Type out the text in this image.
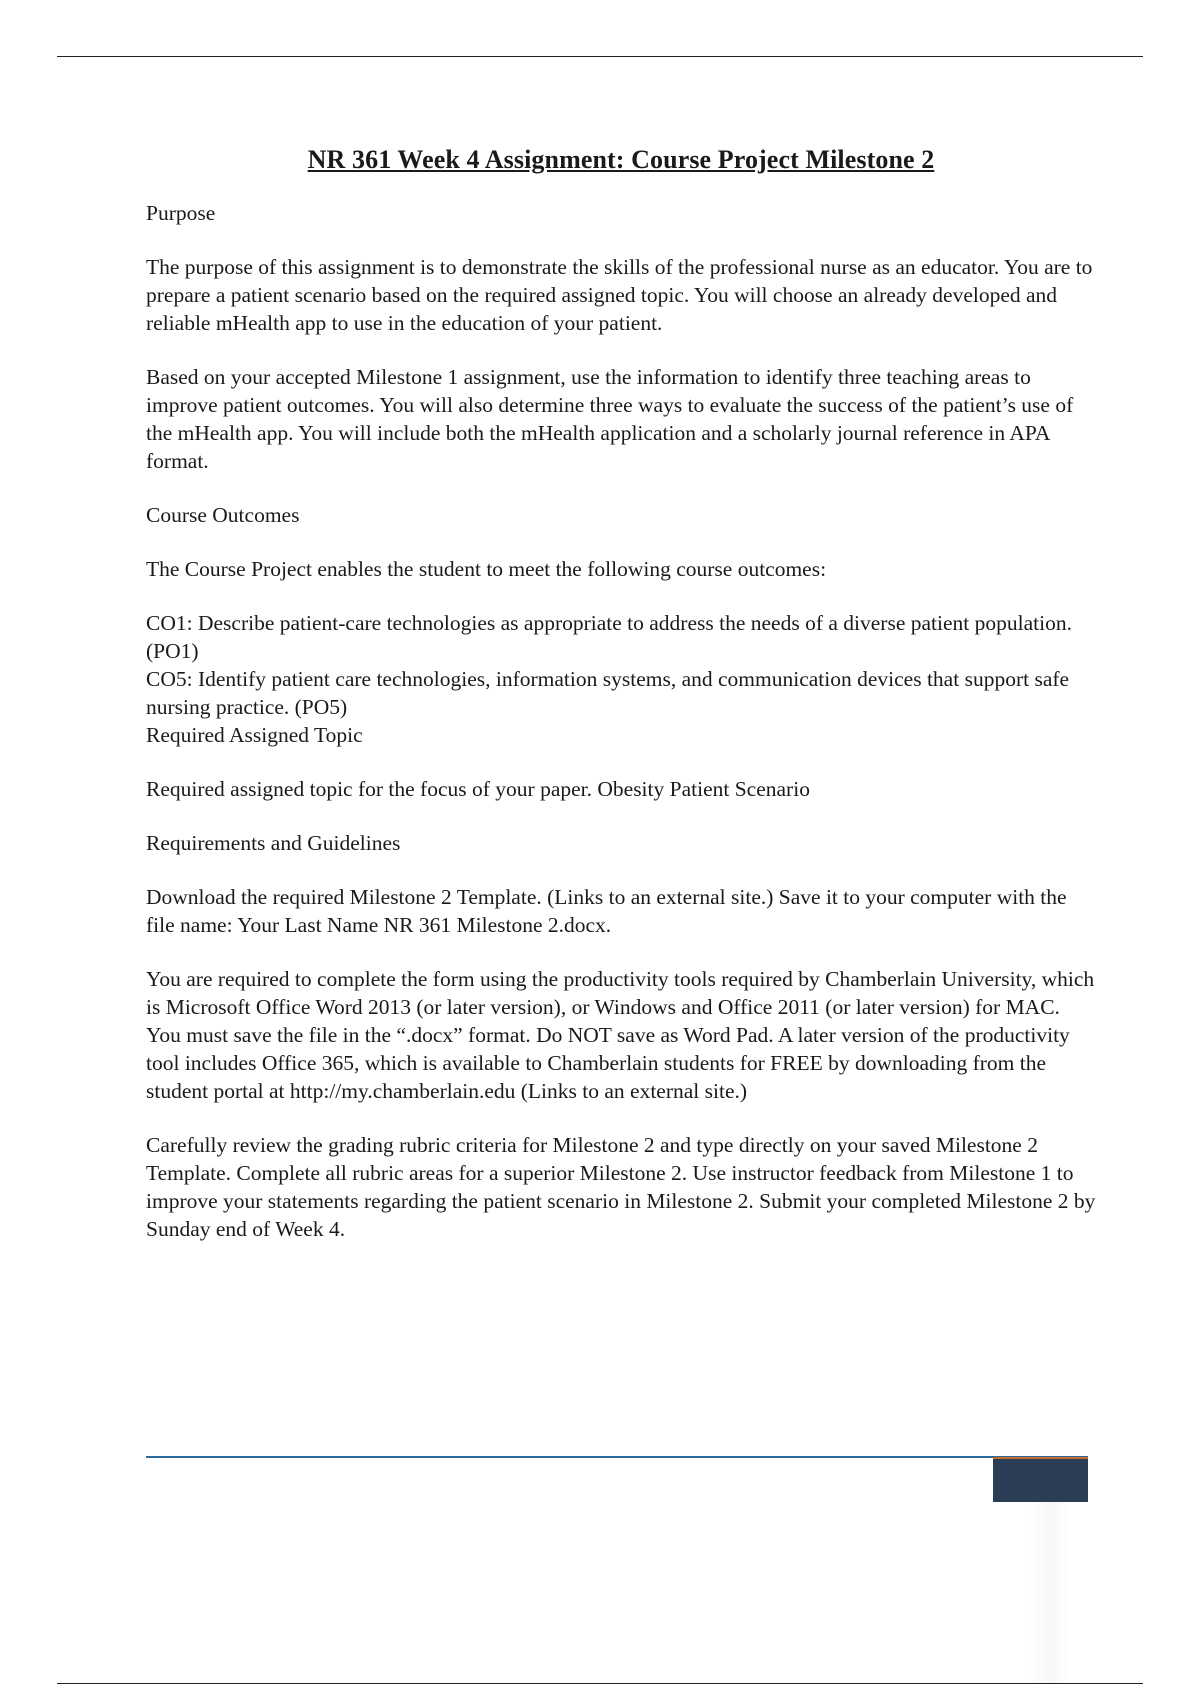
NR 361 Week 4 Assignment: Course Project Milestone 2

Purpose

The purpose of this assignment is to demonstrate the skills of the professional nurse as an educator. You are to prepare a patient scenario based on the required assigned topic. You will choose an already developed and reliable mHealth app to use in the education of your patient.

Based on your accepted Milestone 1 assignment, use the information to identify three teaching areas to improve patient outcomes. You will also determine three ways to evaluate the success of the patient’s use of the mHealth app. You will include both the mHealth application and a scholarly journal reference in APA format.

Course Outcomes

The Course Project enables the student to meet the following course outcomes:

CO1: Describe patient-care technologies as appropriate to address the needs of a diverse patient population. (PO1)
CO5: Identify patient care technologies, information systems, and communication devices that support safe nursing practice. (PO5)
Required Assigned Topic

Required assigned topic for the focus of your paper. Obesity Patient Scenario

Requirements and Guidelines

Download the required Milestone 2 Template. (Links to an external site.) Save it to your computer with the file name: Your Last Name NR 361 Milestone 2.docx.

You are required to complete the form using the productivity tools required by Chamberlain University, which is Microsoft Office Word 2013 (or later version), or Windows and Office 2011 (or later version) for MAC. You must save the file in the “.docx” format. Do NOT save as Word Pad. A later version of the productivity tool includes Office 365, which is available to Chamberlain students for FREE by downloading from the student portal at http://my.chamberlain.edu (Links to an external site.)

Carefully review the grading rubric criteria for Milestone 2 and type directly on your saved Milestone 2 Template. Complete all rubric areas for a superior Milestone 2. Use instructor feedback from Milestone 1 to improve your statements regarding the patient scenario in Milestone 2. Submit your completed Milestone 2 by Sunday end of Week 4.
